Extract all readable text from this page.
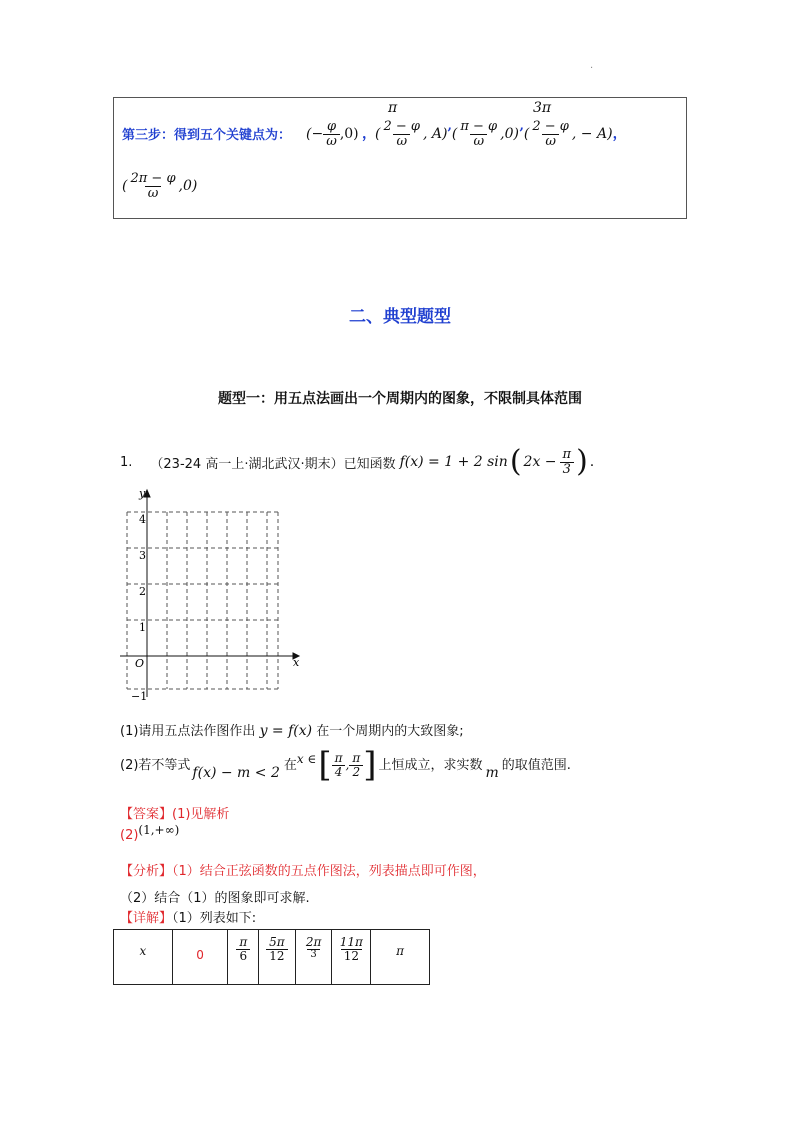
.
第三步：得到五个关键点为： (− $\frac{\varphi}{\omega} ,0$) ，
π
( $\frac{2 - \varphi}{\omega}$ , A) ’( $\frac{\pi - \varphi}{\omega} ,0$)
3π
’( $\frac{2 - \varphi}{\omega}$ , − A)，
( $\frac{2\pi - \varphi}{\omega} ,0$)
二、典型题型
题型一：用五点法画出一个周期内的图象，不限制具体范围
1. （23-24 高一上·湖北武汉·期末）已知函数 f(x) = 1 + 2 sin ( $2x - \frac{\pi}{3}$ ) .
x
y
O
4
3
2
1
−1
(1)请用五点法作图作出 y = f(x) 在一个周期内的大致图象;
(2)若不等式 f(x) − m < 2 在 x ∈ [ $\frac{\pi}{4}$ , $\frac{\pi}{2}$ ] 上恒成立，求实数 m 的取值范围.
【答案】(1)见解析
(2)(1,+∞)
【分析】（1）结合正弦函数的五点作图法，列表描点即可作图，
（2）结合（1）的图象即可求解.
【详解】（1）列表如下:
x	0	$\frac{\pi}{6}$	$\frac{5\pi}{12}$	$\frac{2\pi}{3}$	$\frac{11\pi}{12}$	π
